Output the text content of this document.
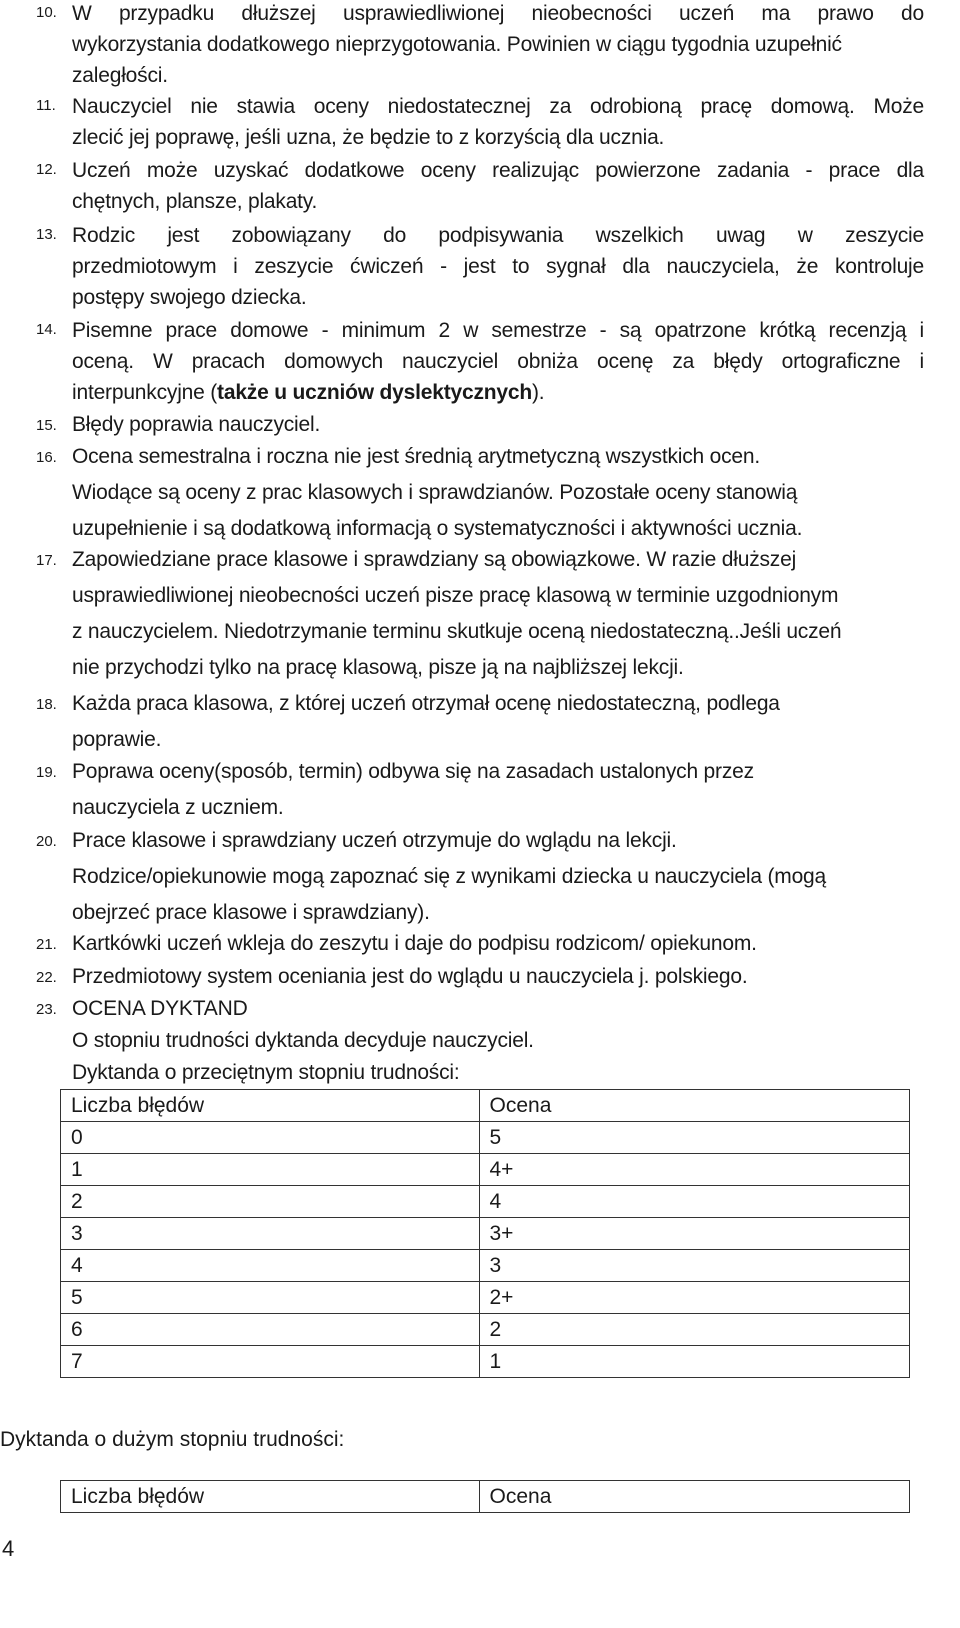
10. W przypadku dłuższej usprawiedliwionej nieobecności uczeń ma prawo do
wykorzystania dodatkowego nieprzygotowania. Powinien w ciągu tygodnia uzupełnić
zaległości.
11. Nauczyciel nie stawia oceny niedostatecznej za odrobioną pracę domową. Może
zlecić jej poprawę, jeśli uzna, że będzie to z korzyścią dla ucznia.
12. Uczeń może uzyskać dodatkowe oceny realizując powierzone zadania - prace dla
chętnych, plansze, plakaty.
13. Rodzic jest zobowiązany do podpisywania wszelkich uwag w zeszycie
przedmiotowym i zeszycie ćwiczeń - jest to sygnał dla nauczyciela, że kontroluje
postępy swojego dziecka.
14. Pisemne prace domowe - minimum 2 w semestrze - są opatrzone krótką recenzją i
oceną. W pracach domowych nauczyciel obniża ocenę za błędy ortograficzne i
interpunkcyjne (także u uczniów dyslektycznych).
15. Błędy poprawia nauczyciel.
16. Ocena semestralna i roczna nie jest średnią arytmetyczną wszystkich ocen.
Wiodące są oceny z prac klasowych i sprawdzianów. Pozostałe oceny stanowią
uzupełnienie i są dodatkową informacją o systematyczności i aktywności ucznia.
17. Zapowiedziane prace klasowe i sprawdziany są obowiązkowe. W razie dłuższej
usprawiedliwionej nieobecności uczeń pisze pracę klasową w terminie uzgodnionym
z nauczycielem. Niedotrzymanie terminu skutkuje oceną niedostateczną..Jeśli uczeń
nie przychodzi tylko na pracę klasową, pisze ją na najbliższej lekcji.
18. Każda praca klasowa, z której uczeń otrzymał ocenę niedostateczną, podlega
poprawie.
19. Poprawa oceny(sposób, termin) odbywa się na zasadach ustalonych przez
nauczyciela z uczniem.
20. Prace klasowe i sprawdziany uczeń otrzymuje do wglądu na lekcji.
Rodzice/opiekunowie mogą zapoznać się z wynikami dziecka u nauczyciela (mogą
obejrzeć prace klasowe i sprawdziany).
21. Kartkówki uczeń wkleja do zeszytu i daje do podpisu rodzicom/ opiekunom.
22. Przedmiotowy system oceniania jest do wglądu u nauczyciela j. polskiego.
23. OCENA DYKTAND
O stopniu trudności dyktanda decyduje nauczyciel.
Dyktanda o przeciętnym stopniu trudności:
Liczba błędów	Ocena
0	5
1	4+
2	4
3	3+
4	3
5	2+
6	2
7	1
Dyktanda o dużym stopniu trudności:
Liczba błędów	Ocena
4
